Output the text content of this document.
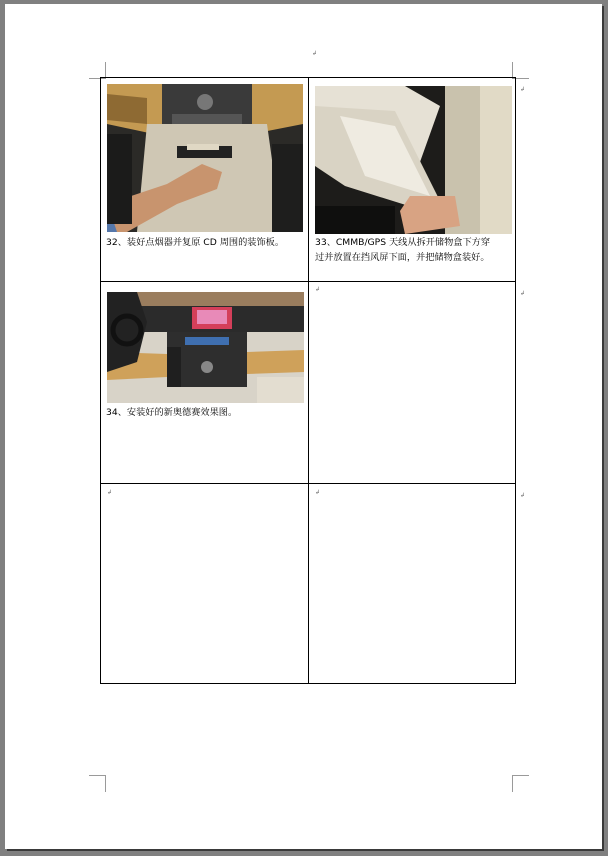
↲
↲
↲
↲
32、装好点烟器并复原 CD 周围的装饰板。	33、CMMB/GPS 天线从拆开储物盒下方穿
过并放置在挡风屏下面，并把储物盒装好。
34、安装好的新奥德赛效果图。
↲
↲	↲
